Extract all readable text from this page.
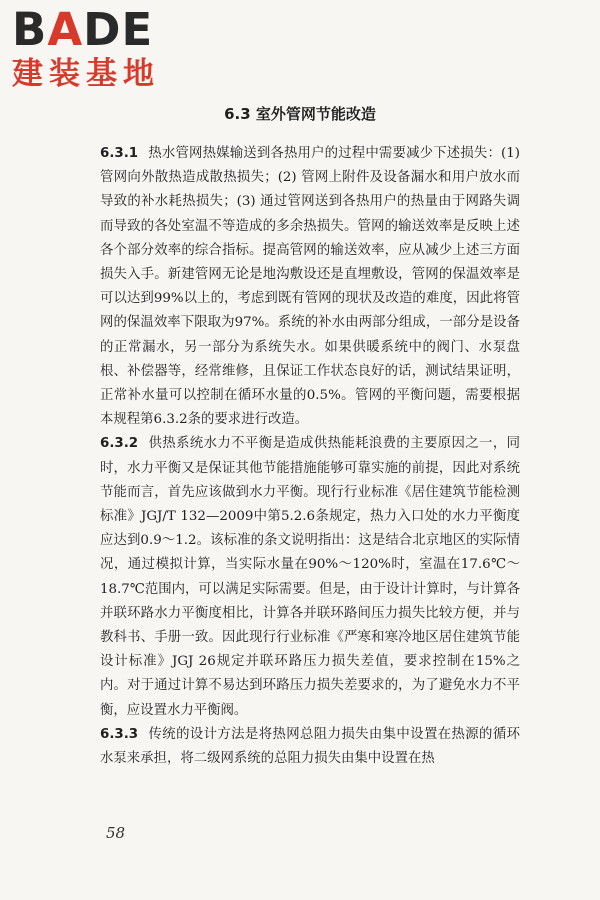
BADE
建装基地
6.3 室外管网节能改造

6.3.1 热水管网热媒输送到各热用户的过程中需要减少下述损失：(1) 管网向外散热造成散热损失；(2) 管网上附件及设备漏水和用户放水而导致的补水耗热损失；(3) 通过管网送到各热用户的热量由于网路失调而导致的各处室温不等造成的多余热损失。管网的输送效率是反映上述各个部分效率的综合指标。提高管网的输送效率，应从减少上述三方面损失入手。新建管网无论是地沟敷设还是直埋敷设，管网的保温效率是可以达到99%以上的，考虑到既有管网的现状及改造的难度，因此将管网的保温效率下限取为97%。系统的补水由两部分组成，一部分是设备的正常漏水，另一部分为系统失水。如果供暖系统中的阀门、水泵盘根、补偿器等，经常维修，且保证工作状态良好的话，测试结果证明，正常补水量可以控制在循环水量的0.5%。管网的平衡问题，需要根据本规程第6.3.2条的要求进行改造。

6.3.2 供热系统水力不平衡是造成供热能耗浪费的主要原因之一，同时，水力平衡又是保证其他节能措施能够可靠实施的前提，因此对系统节能而言，首先应该做到水力平衡。现行行业标准《居住建筑节能检测标准》JGJ/T 132—2009中第5.2.6条规定，热力入口处的水力平衡度应达到0.9～1.2。该标准的条文说明指出：这是结合北京地区的实际情况，通过模拟计算，当实际水量在90%～120%时，室温在17.6℃～18.7℃范围内，可以满足实际需要。但是，由于设计计算时，与计算各并联环路水力平衡度相比，计算各并联环路间压力损失比较方便，并与教科书、手册一致。因此现行行业标准《严寒和寒冷地区居住建筑节能设计标准》JGJ 26规定并联环路压力损失差值，要求控制在15%之内。对于通过计算不易达到环路压力损失差要求的，为了避免水力不平衡，应设置水力平衡阀。

6.3.3 传统的设计方法是将热网总阻力损失由集中设置在热源的循环水泵来承担，将二级网系统的总阻力损失由集中设置在热

58
